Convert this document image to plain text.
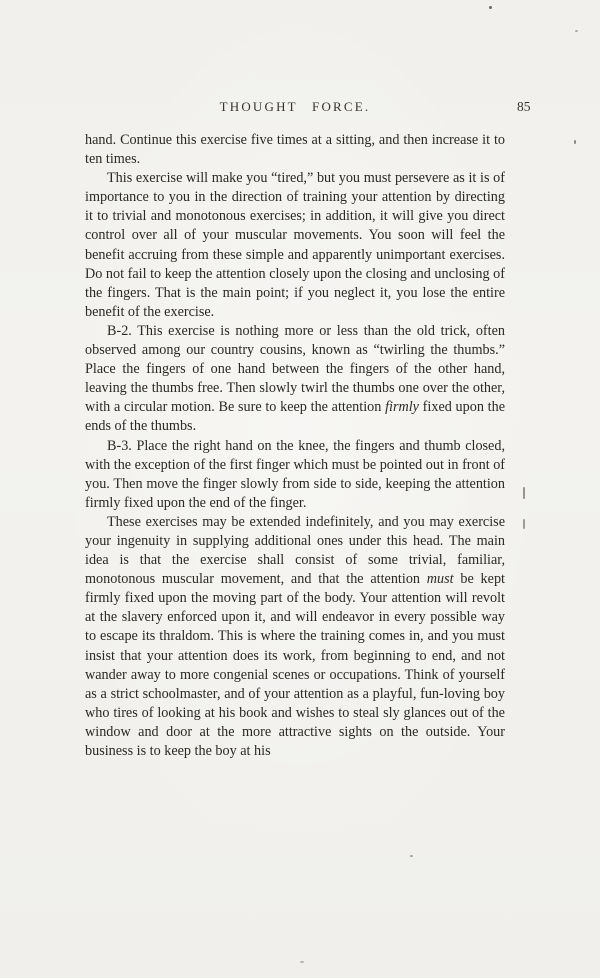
THOUGHT FORCE.	85

hand. Continue this exercise five times at a sitting, and then increase it to ten times.

This exercise will make you “tired,” but you must persevere as it is of importance to you in the direction of training your attention by directing it to trivial and monotonous exercises; in addition, it will give you direct control over all of your muscular movements. You soon will feel the benefit accruing from these simple and apparently unimportant exercises. Do not fail to keep the attention closely upon the closing and unclosing of the fingers. That is the main point; if you neglect it, you lose the entire benefit of the exercise.

B-2. This exercise is nothing more or less than the old trick, often observed among our country cousins, known as “twirling the thumbs.” Place the fingers of one hand between the fingers of the other hand, leaving the thumbs free. Then slowly twirl the thumbs one over the other, with a circular motion. Be sure to keep the attention firmly fixed upon the ends of the thumbs.

B-3. Place the right hand on the knee, the fingers and thumb closed, with the exception of the first finger which must be pointed out in front of you. Then move the finger slowly from side to side, keeping the attention firmly fixed upon the end of the finger.

These exercises may be extended indefinitely, and you may exercise your ingenuity in supplying additional ones under this head. The main idea is that the exercise shall consist of some trivial, familiar, monotonous muscular movement, and that the attention must be kept firmly fixed upon the moving part of the body. Your attention will revolt at the slavery enforced upon it, and will endeavor in every possible way to escape its thraldom. This is where the training comes in, and you must insist that your attention does its work, from beginning to end, and not wander away to more congenial scenes or occupations. Think of yourself as a strict schoolmaster, and of your attention as a playful, fun-loving boy who tires of looking at his book and wishes to steal sly glances out of the window and door at the more attractive sights on the outside. Your business is to keep the boy at his
